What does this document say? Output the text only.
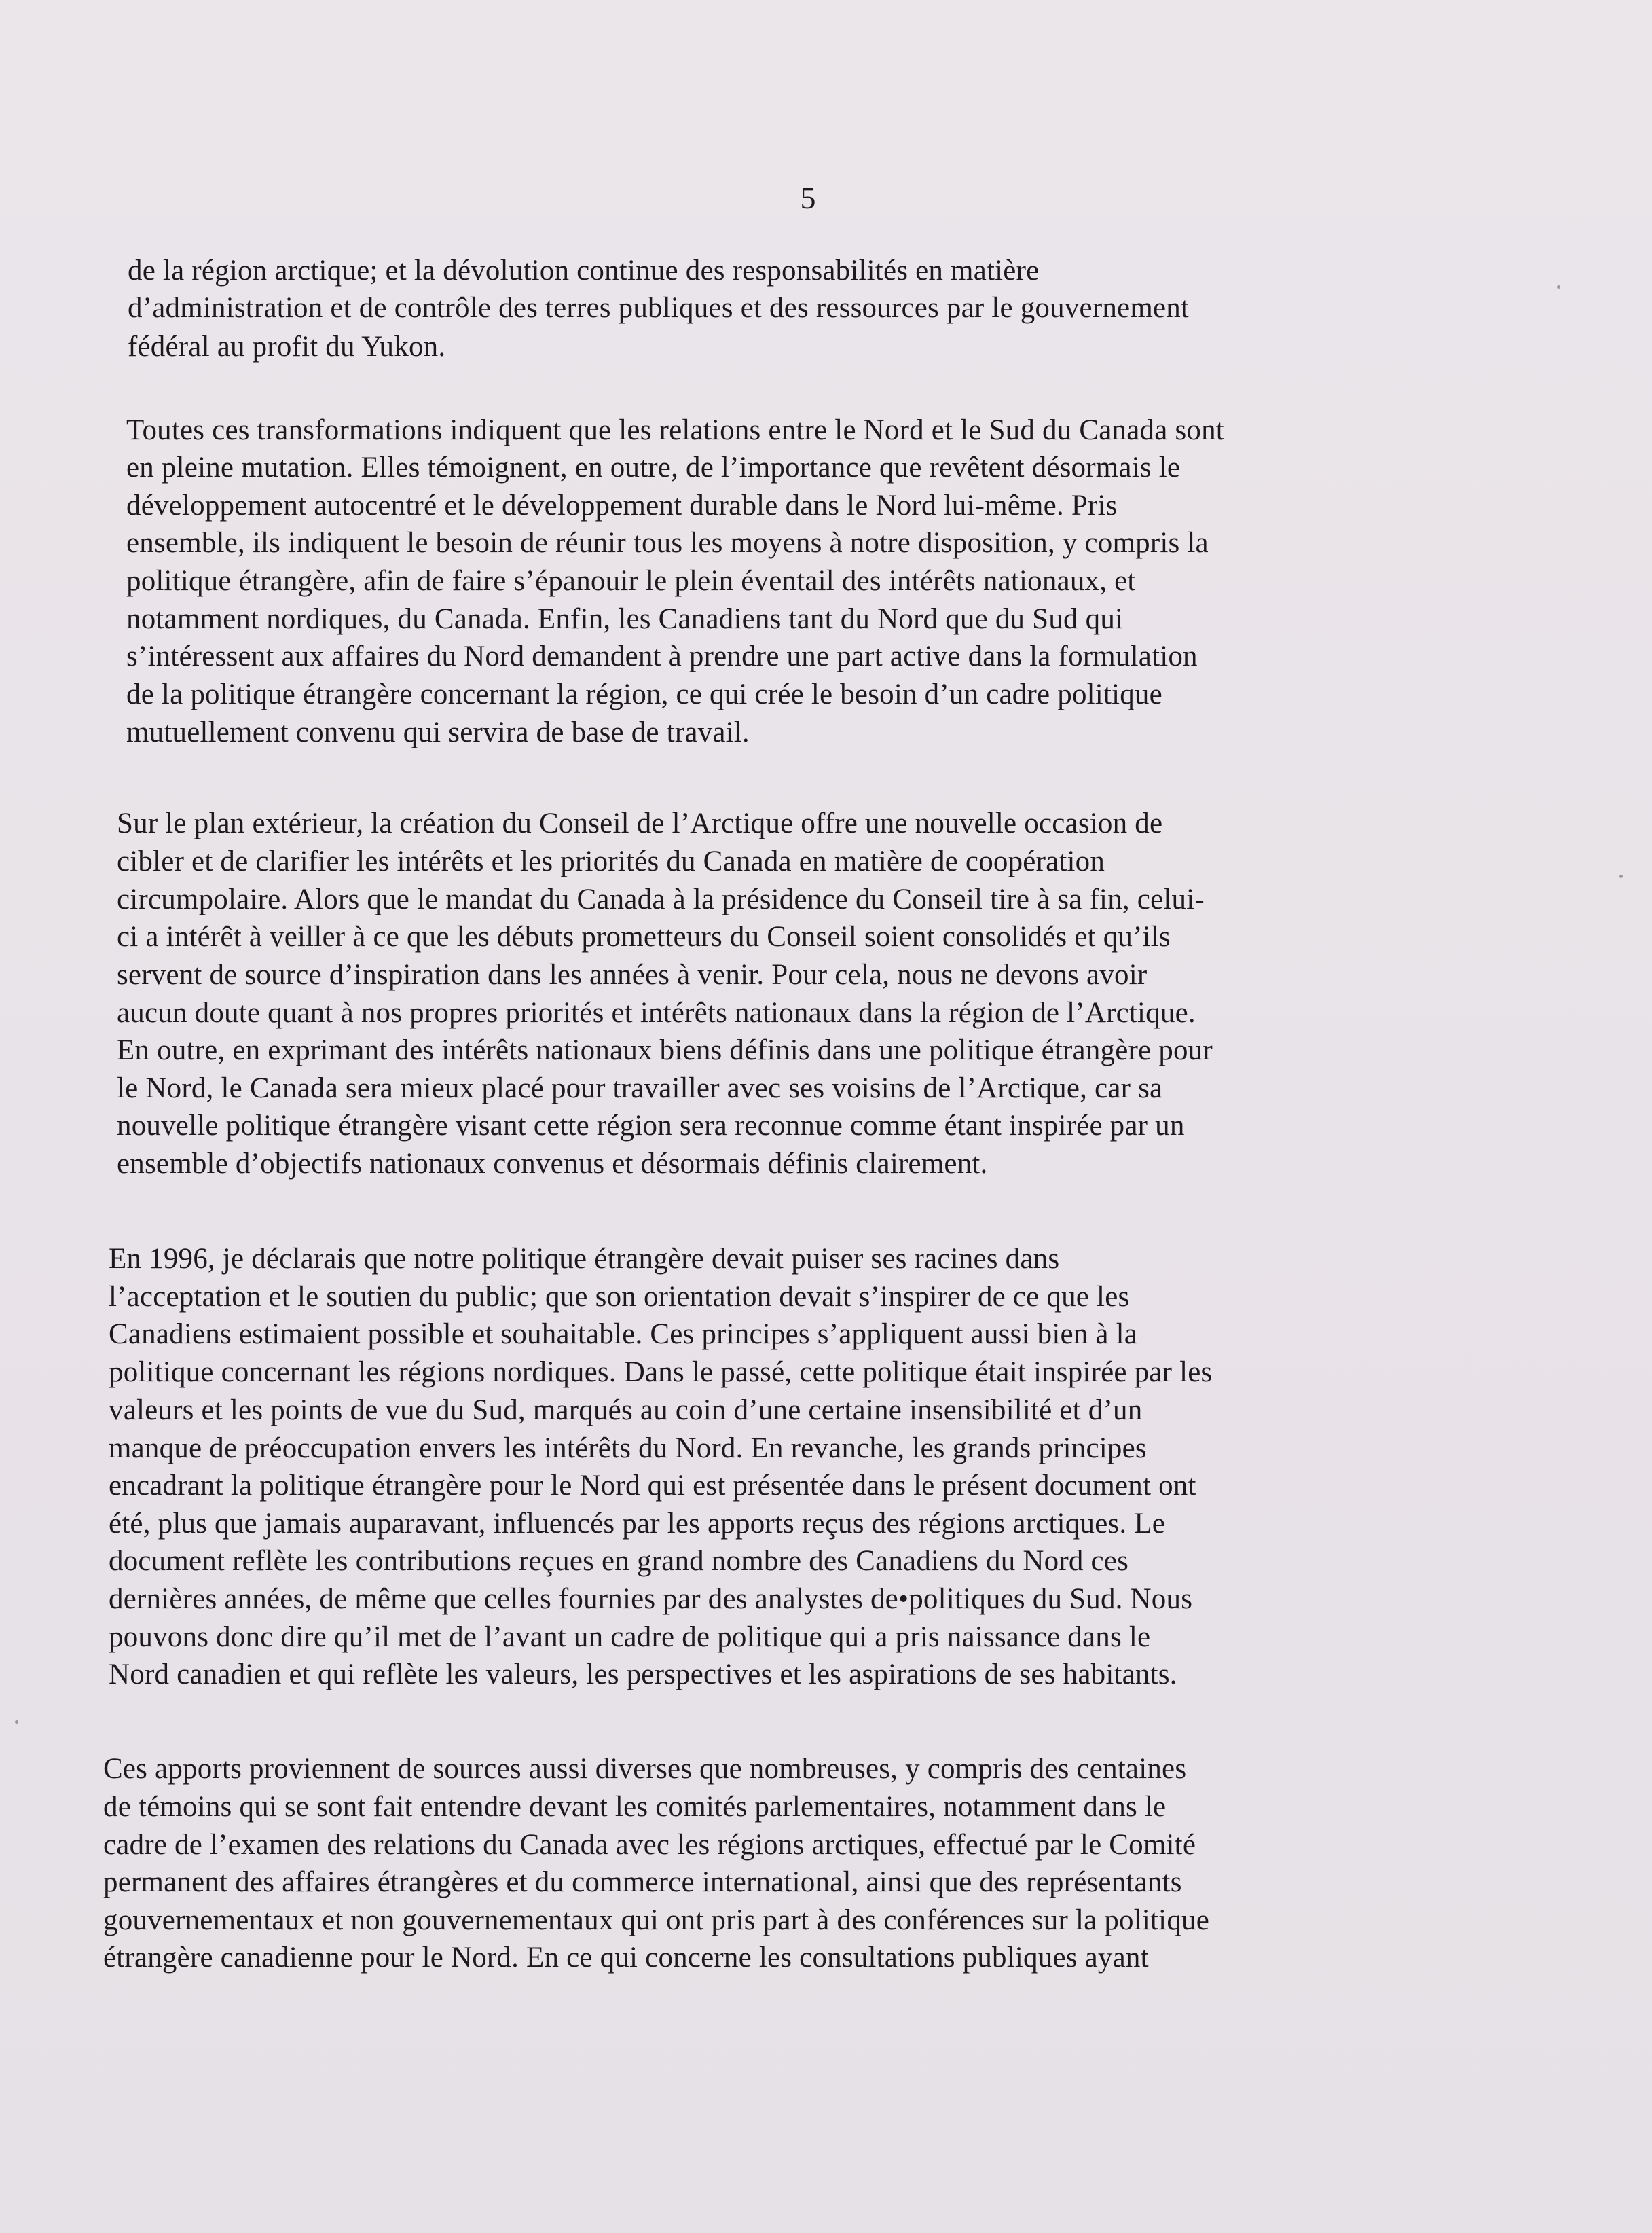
5
de la région arctique; et la dévolution continue des responsabilités en matière
d’administration et de contrôle des terres publiques et des ressources par le gouvernement
fédéral au profit du Yukon.
Toutes ces transformations indiquent que les relations entre le Nord et le Sud du Canada sont
en pleine mutation. Elles témoignent, en outre, de l’importance que revêtent désormais le
développement autocentré et le développement durable dans le Nord lui-même. Pris
ensemble, ils indiquent le besoin de réunir tous les moyens à notre disposition, y compris la
politique étrangère, afin de faire s’épanouir le plein éventail des intérêts nationaux, et
notamment nordiques, du Canada. Enfin, les Canadiens tant du Nord que du Sud qui
s’intéressent aux affaires du Nord demandent à prendre une part active dans la formulation
de la politique étrangère concernant la région, ce qui crée le besoin d’un cadre politique
mutuellement convenu qui servira de base de travail.
Sur le plan extérieur, la création du Conseil de l’Arctique offre une nouvelle occasion de
cibler et de clarifier les intérêts et les priorités du Canada en matière de coopération
circumpolaire. Alors que le mandat du Canada à la présidence du Conseil tire à sa fin, celui-
ci a intérêt à veiller à ce que les débuts prometteurs du Conseil soient consolidés et qu’ils
servent de source d’inspiration dans les années à venir. Pour cela, nous ne devons avoir
aucun doute quant à nos propres priorités et intérêts nationaux dans la région de l’Arctique.
En outre, en exprimant des intérêts nationaux biens définis dans une politique étrangère pour
le Nord, le Canada sera mieux placé pour travailler avec ses voisins de l’Arctique, car sa
nouvelle politique étrangère visant cette région sera reconnue comme étant inspirée par un
ensemble d’objectifs nationaux convenus et désormais définis clairement.
En 1996, je déclarais que notre politique étrangère devait puiser ses racines dans
l’acceptation et le soutien du public; que son orientation devait s’inspirer de ce que les
Canadiens estimaient possible et souhaitable. Ces principes s’appliquent aussi bien à la
politique concernant les régions nordiques. Dans le passé, cette politique était inspirée par les
valeurs et les points de vue du Sud, marqués au coin d’une certaine insensibilité et d’un
manque de préoccupation envers les intérêts du Nord. En revanche, les grands principes
encadrant la politique étrangère pour le Nord qui est présentée dans le présent document ont
été, plus que jamais auparavant, influencés par les apports reçus des régions arctiques. Le
document reflète les contributions reçues en grand nombre des Canadiens du Nord ces
dernières années, de même que celles fournies par des analystes de•politiques du Sud. Nous
pouvons donc dire qu’il met de l’avant un cadre de politique qui a pris naissance dans le
Nord canadien et qui reflète les valeurs, les perspectives et les aspirations de ses habitants.
Ces apports proviennent de sources aussi diverses que nombreuses, y compris des centaines
de témoins qui se sont fait entendre devant les comités parlementaires, notamment dans le
cadre de l’examen des relations du Canada avec les régions arctiques, effectué par le Comité
permanent des affaires étrangères et du commerce international, ainsi que des représentants
gouvernementaux et non gouvernementaux qui ont pris part à des conférences sur la politique
étrangère canadienne pour le Nord. En ce qui concerne les consultations publiques ayant
